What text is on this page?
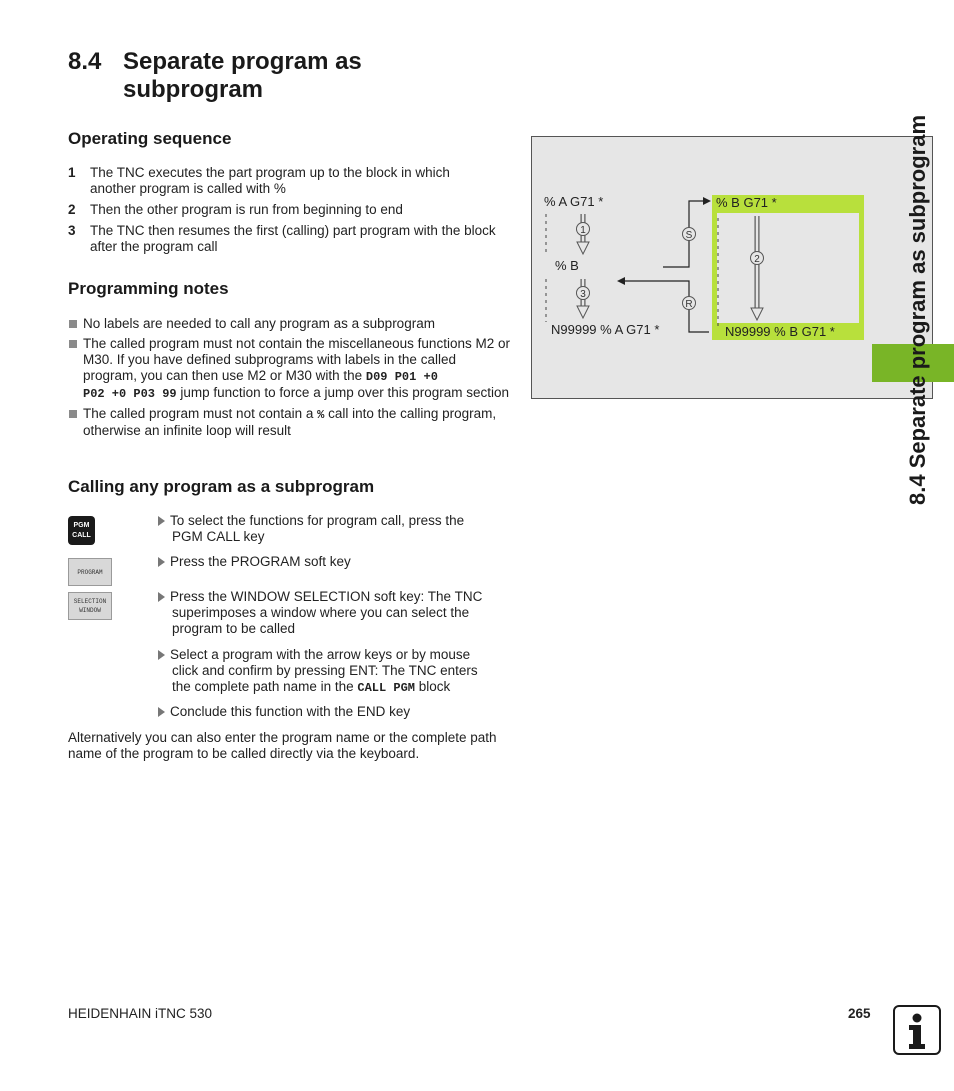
8.4 Separate program as
subprogram
Operating sequence
1	The TNC executes the part program up to the block in which another program is called with %
2	Then the other program is run from beginning to end
3	The TNC then resumes the first (calling) part program with the block after the program call
Programming notes
No labels are needed to call any program as a subprogram
The called program must not contain the miscellaneous functions M2 or M30. If you have defined subprograms with labels in the called program, you can then use M2 or M30 with the D09 P01 +0
P02 +0 P03 99 jump function to force a jump over this program section
The called program must not contain a % call into the calling program, otherwise an infinite loop will result
Calling any program as a subprogram
PGM
CALL
PROGRAM
SELECTION
WINDOW
To select the functions for program call, press the
PGM CALL key
Press the PROGRAM soft key
Press the WINDOW SELECTION soft key: The TNC
superimposes a window where you can select the
program to be called
Select a program with the arrow keys or by mouse
click and confirm by pressing ENT: The TNC enters
the complete path name in the CALL PGM block
Conclude this function with the END key
Alternatively you can also enter the program name or the complete path name of the program to be called directly via the keyboard.
% A G71 *
% B
N99999 % A G71 *
% B G71 *
N99999 % B G71 *
1
3
2
S
R	8.4 Separate program as subprogram
HEIDENHAIN iTNC 530	265
